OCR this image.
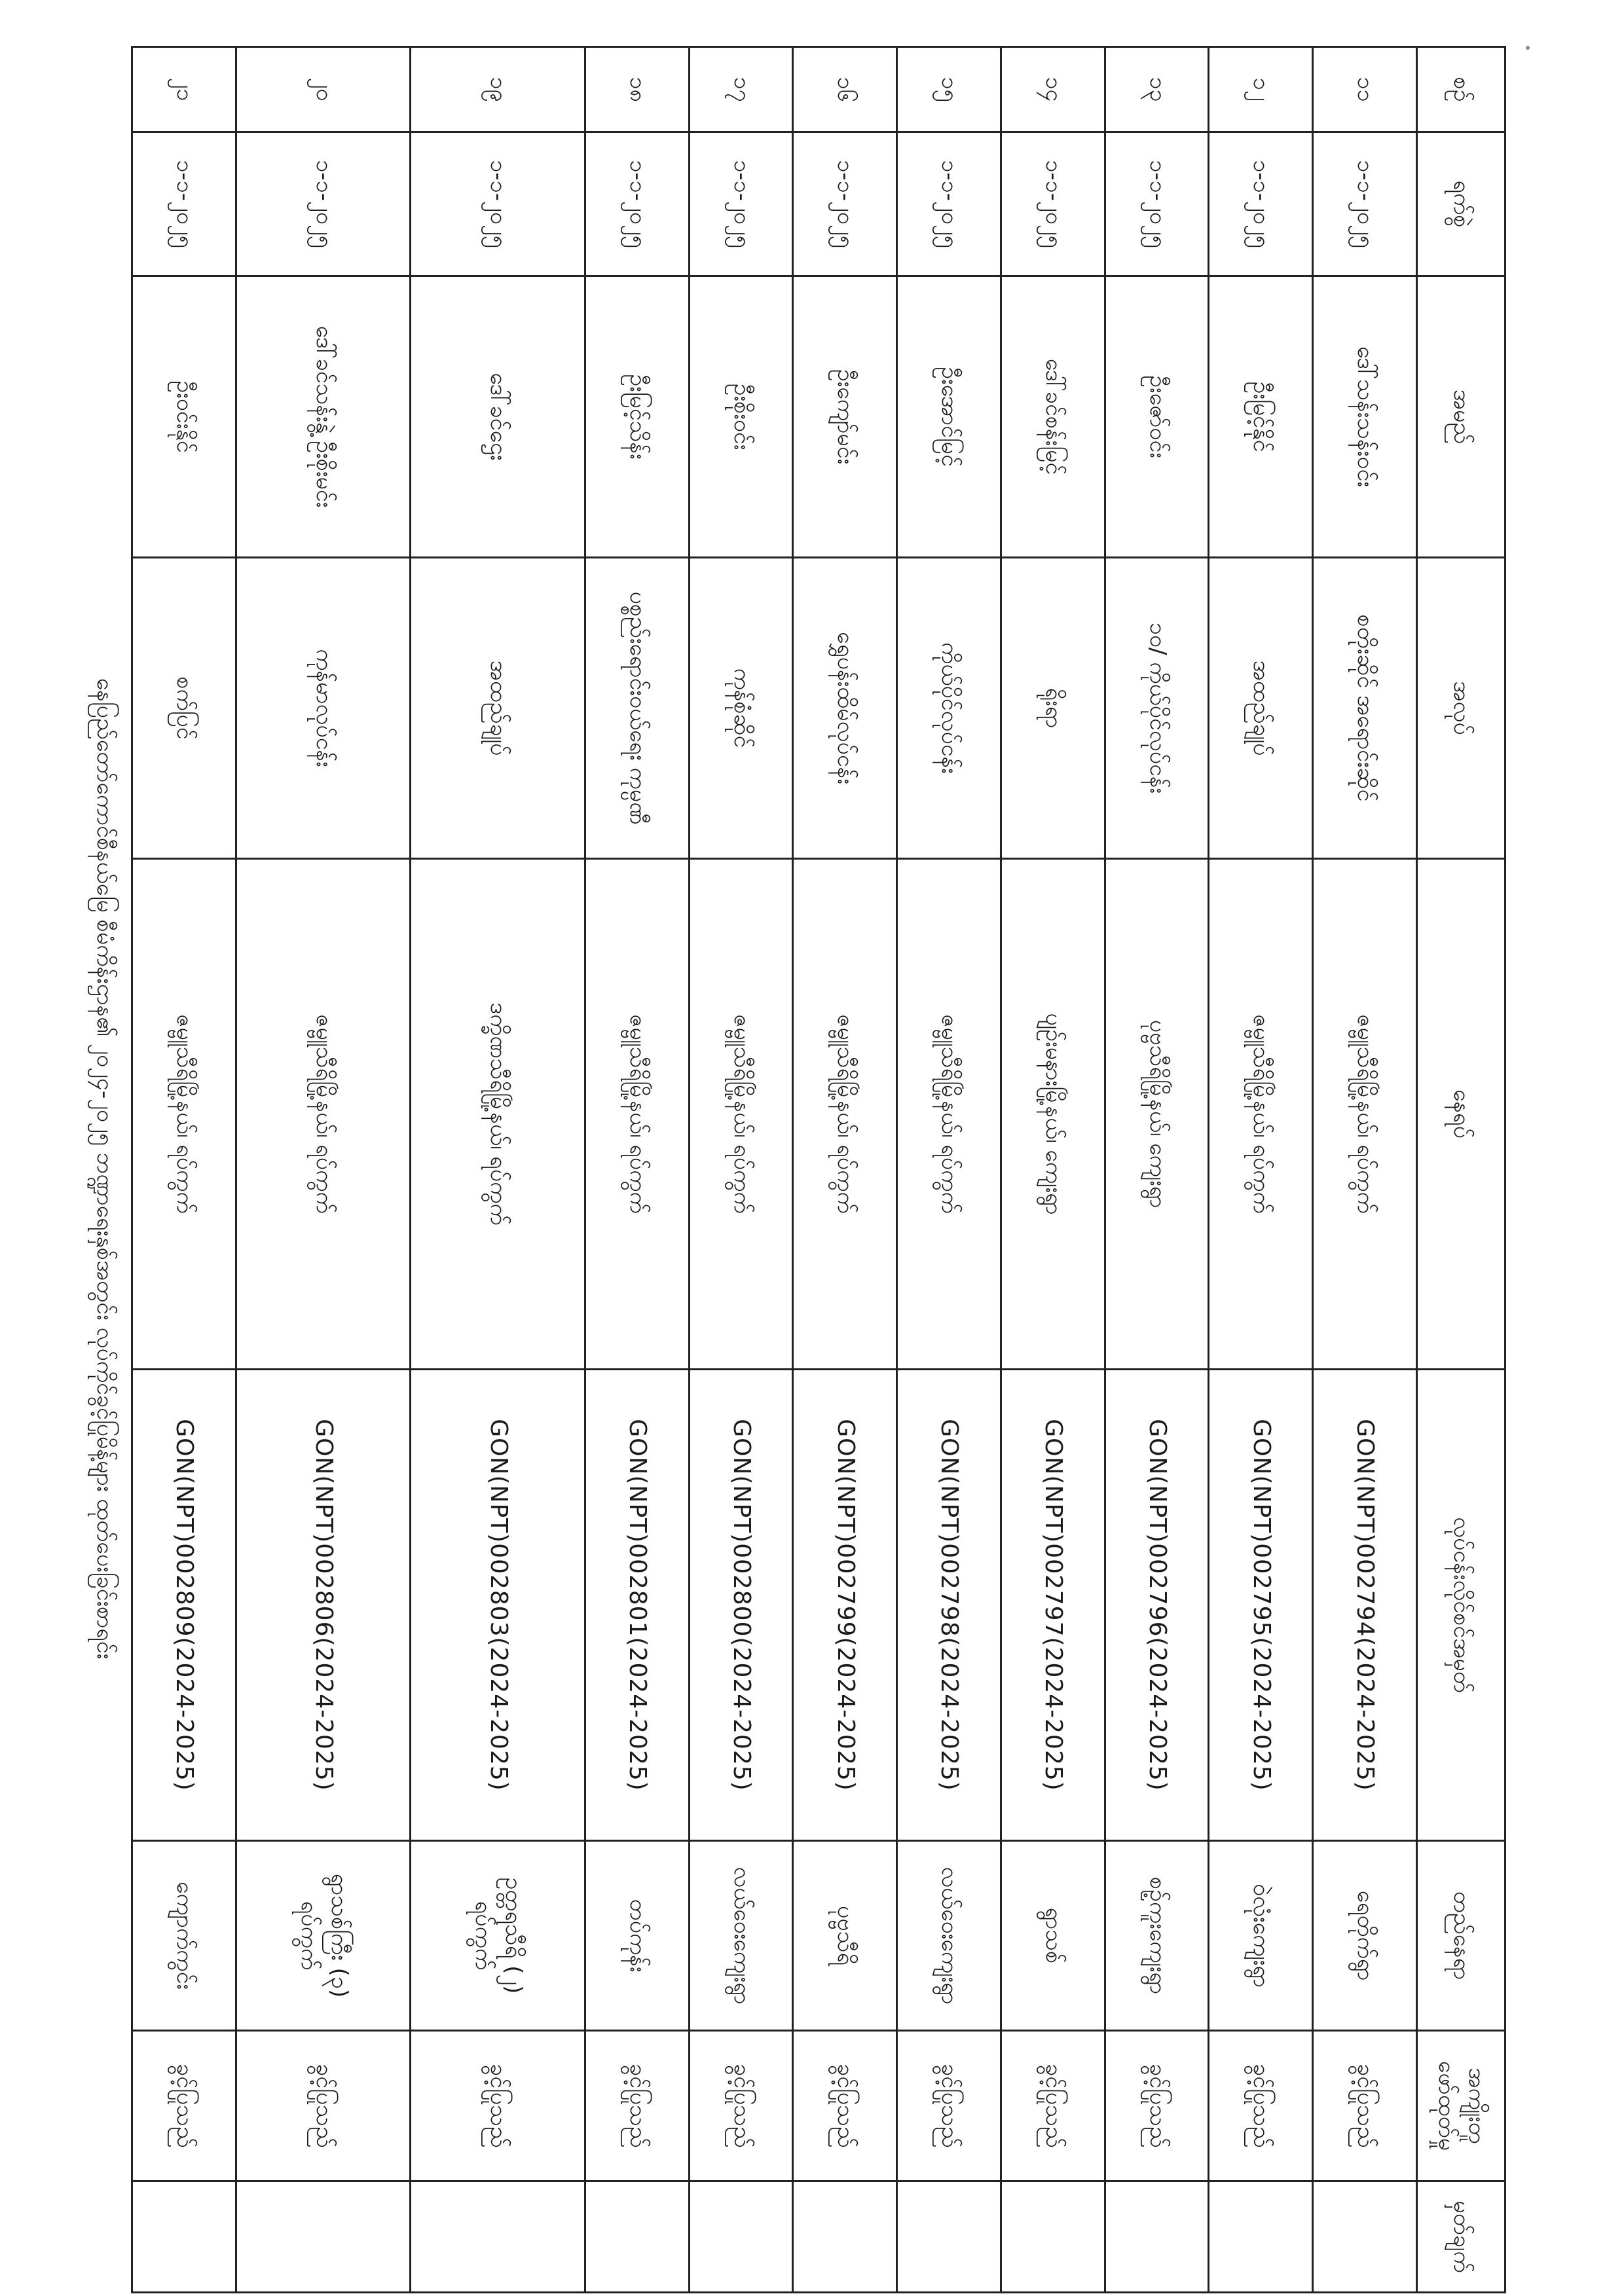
စဉ်	ရက်စွဲ	အမည်	အလုပ်	နေရပ်	လုပ်ငန်းလိုင်စင်အမှတ်	တည်နေရာ	အကျိုးတူ ဖော်ထုတ်မှု	မှတ်ချက်
၁၁	၁-၁-၂၀၂၅	ဒေါ်သန်းသန်းဝင်း	စတိုးဆိုင် အရောင်းဆိုင်	ဇမ္ဗူသီရိမြို့နယ်၊ ရပ်ကွက်	GON(NPT)002794(2024-2025)	ရေတိုက်ရွာ	ခွင့်ပြုသည်	
၁၂	၁-၁-၂၀၂၅	ဦးမြင့်နိုင်	အထည်ချုပ်	ဇမ္ဗူသီရိမြို့နယ်၊ ရပ်ကွက်	GON(NPT)002795(2024-2025)	ဝဲလုံးကျေးရွာ	ခွင့်ပြုသည်	
၁၃	၁-၁-၂၀၂၅	ဦးဇော်ဝင်း	၁၀/ ကိုယ်ပိုင်လုပ်ငန်း	ပုဗ္ဗသီရိမြို့နယ်၊ ကျေးရွာ	GON(NPT)002796(2024-2025)	စဉ့်ကူးကျေးရွာ	ခွင့်ပြုသည်	
၁၄	၁-၁-၂၀၂၅	ဒေါ်ခင်စန်းမြင့်	ရိုးရာ	ပျဉ်းမနားမြို့နယ်၊ ကျေးရွာ	GON(NPT)002797(2024-2025)	ရွာသစ်	ခွင့်ပြုသည်	
၁၅	၁-၁-၂၀၂၅	ဦးအောင်မြင့်	ကိုယ်ပိုင်လုပ်ငန်း	ဇမ္ဗူသီရိမြို့နယ်၊ ရပ်ကွက်	GON(NPT)002798(2024-2025)	လယ်ဝေးကျေးရွာ	ခွင့်ပြုသည်	
၁၆	၁-၁-၂၀၂၅	ဦးကျော်မင်း	ရွှေပန်းထိမ်လုပ်ငန်း	ဇမ္ဗူသီရိမြို့နယ်၊ ရပ်ကွက်	GON(NPT)002799(2024-2025)	ပုဗ္ဗသီရိ	ခွင့်ပြုသည်	
၁၇	၁-၁-၂၀၂၅	ဦးစိုးဝင်း	ကုန်စုံဆိုင်	ဇမ္ဗူသီရိမြို့နယ်၊ ရပ်ကွက်	GON(NPT)002800(2024-2025)	လယ်ဝေးကျေးရွာ	ခွင့်ပြုသည်	
၁၈	၁-၁-၂၀၂၅	ဦးမြင့်သိန်း	ပစ္စည်းရောင်းဝယ်ရေး ကုမ္ပဏီ	ဇမ္ဗူသီရိမြို့နယ်၊ ရပ်ကွက်	GON(NPT)002801(2024-2025)	တပ်ကုန်း	ခွင့်ပြုသည်	
၁၉	၁-၁-၂၀၂၅	ဒေါ်ခင်ဌေး	အထည်ချုပ်	ဒက္ခိဏသီရိမြို့နယ်၊ ရပ်ကွက်	GON(NPT)002803(2024-2025)	ဥတ္တရသီရိ (၂) ရပ်ကွက်	ခွင့်ပြုသည်	
၂၀	၁-၁-၂၀၂၅	ဒေါ်ခင်သန်းနွဲ့ ဦးစိုးမင်း	ကုန်မာလုပ်ငန်း	ဇမ္ဗူသီရိမြို့နယ်၊ ရပ်ကွက်	GON(NPT)002806(2024-2025)	ရွာသစ်ကြီး (၃) ရပ်ကွက်	ခွင့်ပြုသည်	
၂၁	၁-၁-၂၀၂၅	ဦးဝင်းနိုင်	စက်ပြင်	ဇမ္ဗူသီရိမြို့နယ်၊ ရပ်ကွက်	GON(NPT)002809(2024-2025)	ကျောက်ကွင်း	ခွင့်ပြုသည်	
နေပြည်တော်ကောင်စီနယ်မြေ စီမံကိန်းဌာန၏ ၂၀၂၄-၂၀၂၅ ဘဏ္ဍာရေးနှစ်အတွင်း လုပ်ကိုင်ခွင့်ပြုမိန့်များ ထုတ်ပေးခြင်းစာရင်း
